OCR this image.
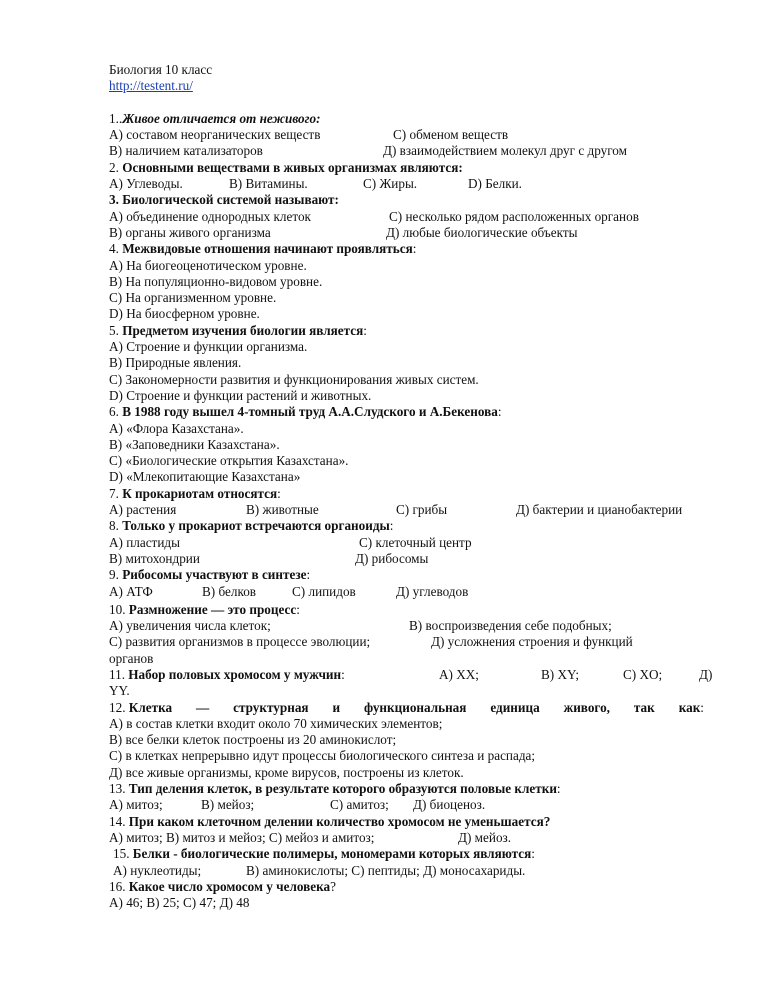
Биология 10 класс
http://testent.ru/
1..Живое отличается от неживого:
А) составом неорганических веществ	С) обменом веществ
В) наличием катализаторов	Д) взаимодействием молекул друг с другом
2. Основными веществами в живых организмах являются:
А) Углеводы.	В) Витамины.	С) Жиры.	D) Белки.
3. Биологической системой называют:
А) объединение однородных клеток	С) несколько рядом расположенных органов
В) органы живого организма	Д) любые биологические объекты
4. Межвидовые отношения начинают проявляться:
А) На биогеоценотическом уровне.
В) На популяционно-видовом уровне.
С) На организменном уровне.
D) На биосферном уровне.
5. Предметом изучения биологии является:
А) Строение и функции организма.
В) Природные явления.
С) Закономерности развития и функционирования живых систем.
D) Строение и функции растений и животных.
6. В 1988 году вышел 4-томный труд А.А.Слудского и А.Бекенова:
А) «Флора Казахстана».
В) «Заповедники Казахстана».
С) «Биологические открытия Казахстана».
D) «Млекопитающие Казахстана»
7. К прокариотам относятся:
А) растения	В) животные	С) грибы	Д) бактерии и цианобактерии
8. Только у прокариот встречаются органоиды:
А) пластиды	С) клеточный центр
В) митохондрии	Д) рибосомы
9. Рибосомы участвуют в синтезе:
А) АТФ	В) белков	С) липидов	Д) углеводов
10. Размножение — это процесс:
А) увеличения числа клеток;	В) воспроизведения себе подобных;
С) развития организмов в процессе эволюции;	Д) усложнения строения и функций
органов
11. Набор половых хромосом у мужчин:	А) XX;	В) XY;	С) XO;	Д)
YY.
12. Клетка — структурная и функциональная единица живого, так как:
А) в состав клетки входит около 70 химических элементов;
В) все белки клеток построены из 20 аминокислот;
С) в клетках непрерывно идут процессы биологического синтеза и распада;
Д) все живые организмы, кроме вирусов, построены из клеток.
13. Тип деления клеток, в результате которого образуются половые клетки:
А) митоз;	В) мейоз;	С) амитоз; Д) биоценоз.
14. При каком клеточном делении количество хромосом не уменьшается?
А) митоз; В) митоз и мейоз; С) мейоз и амитоз;	Д) мейоз.
15. Белки - биологические полимеры, мономерами которых являются:
А) нуклеотиды;	В) аминокислоты; С) пептиды; Д) моносахариды.
16. Какое число хромосом у человека?
А) 46; В) 25; С) 47; Д) 48
